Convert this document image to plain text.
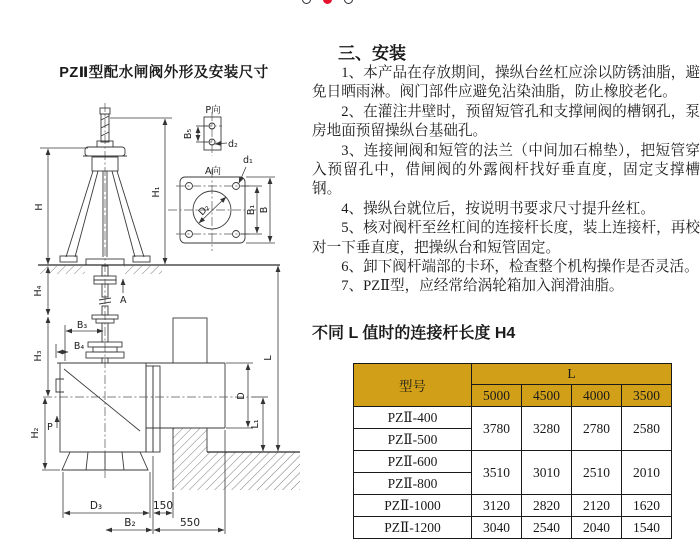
PZⅡ型配水闸阀外形及安装尺寸
A向
D₂
d₁
B₁ B
P向
B₅
d₂
H
H₁
H₄
H₃
H₂
B₃
B₄
A
P
D₃	150
B₂	550
D
L₁
L
三、安装

1、本产品在存放期间，操纵台丝杠应涂以防锈油脂，避免日晒雨淋。阀门部件应避免沾染油脂，防止橡胶老化。

2、在灌注井壁时，预留短管孔和支撑闸阀的槽钢孔，泵房地面预留操纵台基础孔。

3、连接闸阀和短管的法兰（中间加石棉垫），把短管穿入预留孔中，借闸阀的外露阀杆找好垂直度，固定支撑槽钢。

4、操纵台就位后，按说明书要求尺寸提升丝杠。

5、核对阀杆至丝杠间的连接杆长度，装上连接杆，再校对一下垂直度，把操纵台和短管固定。

6、卸下阀杆端部的卡环，检查整个机构操作是否灵活。

7、PZⅡ型，应经常给涡轮箱加入润滑油脂。

不同 L 值时的连接杆长度 H4
型号	L			
	5000	4500	4000	3500
PZⅡ-400	3780	3280	2780	2580
PZⅡ-500				
PZⅡ-600	3510	3010	2510	2010
PZⅡ-800				
PZⅡ-1000	3120	2820	2120	1620
PZⅡ-1200	3040	2540	2040	1540
